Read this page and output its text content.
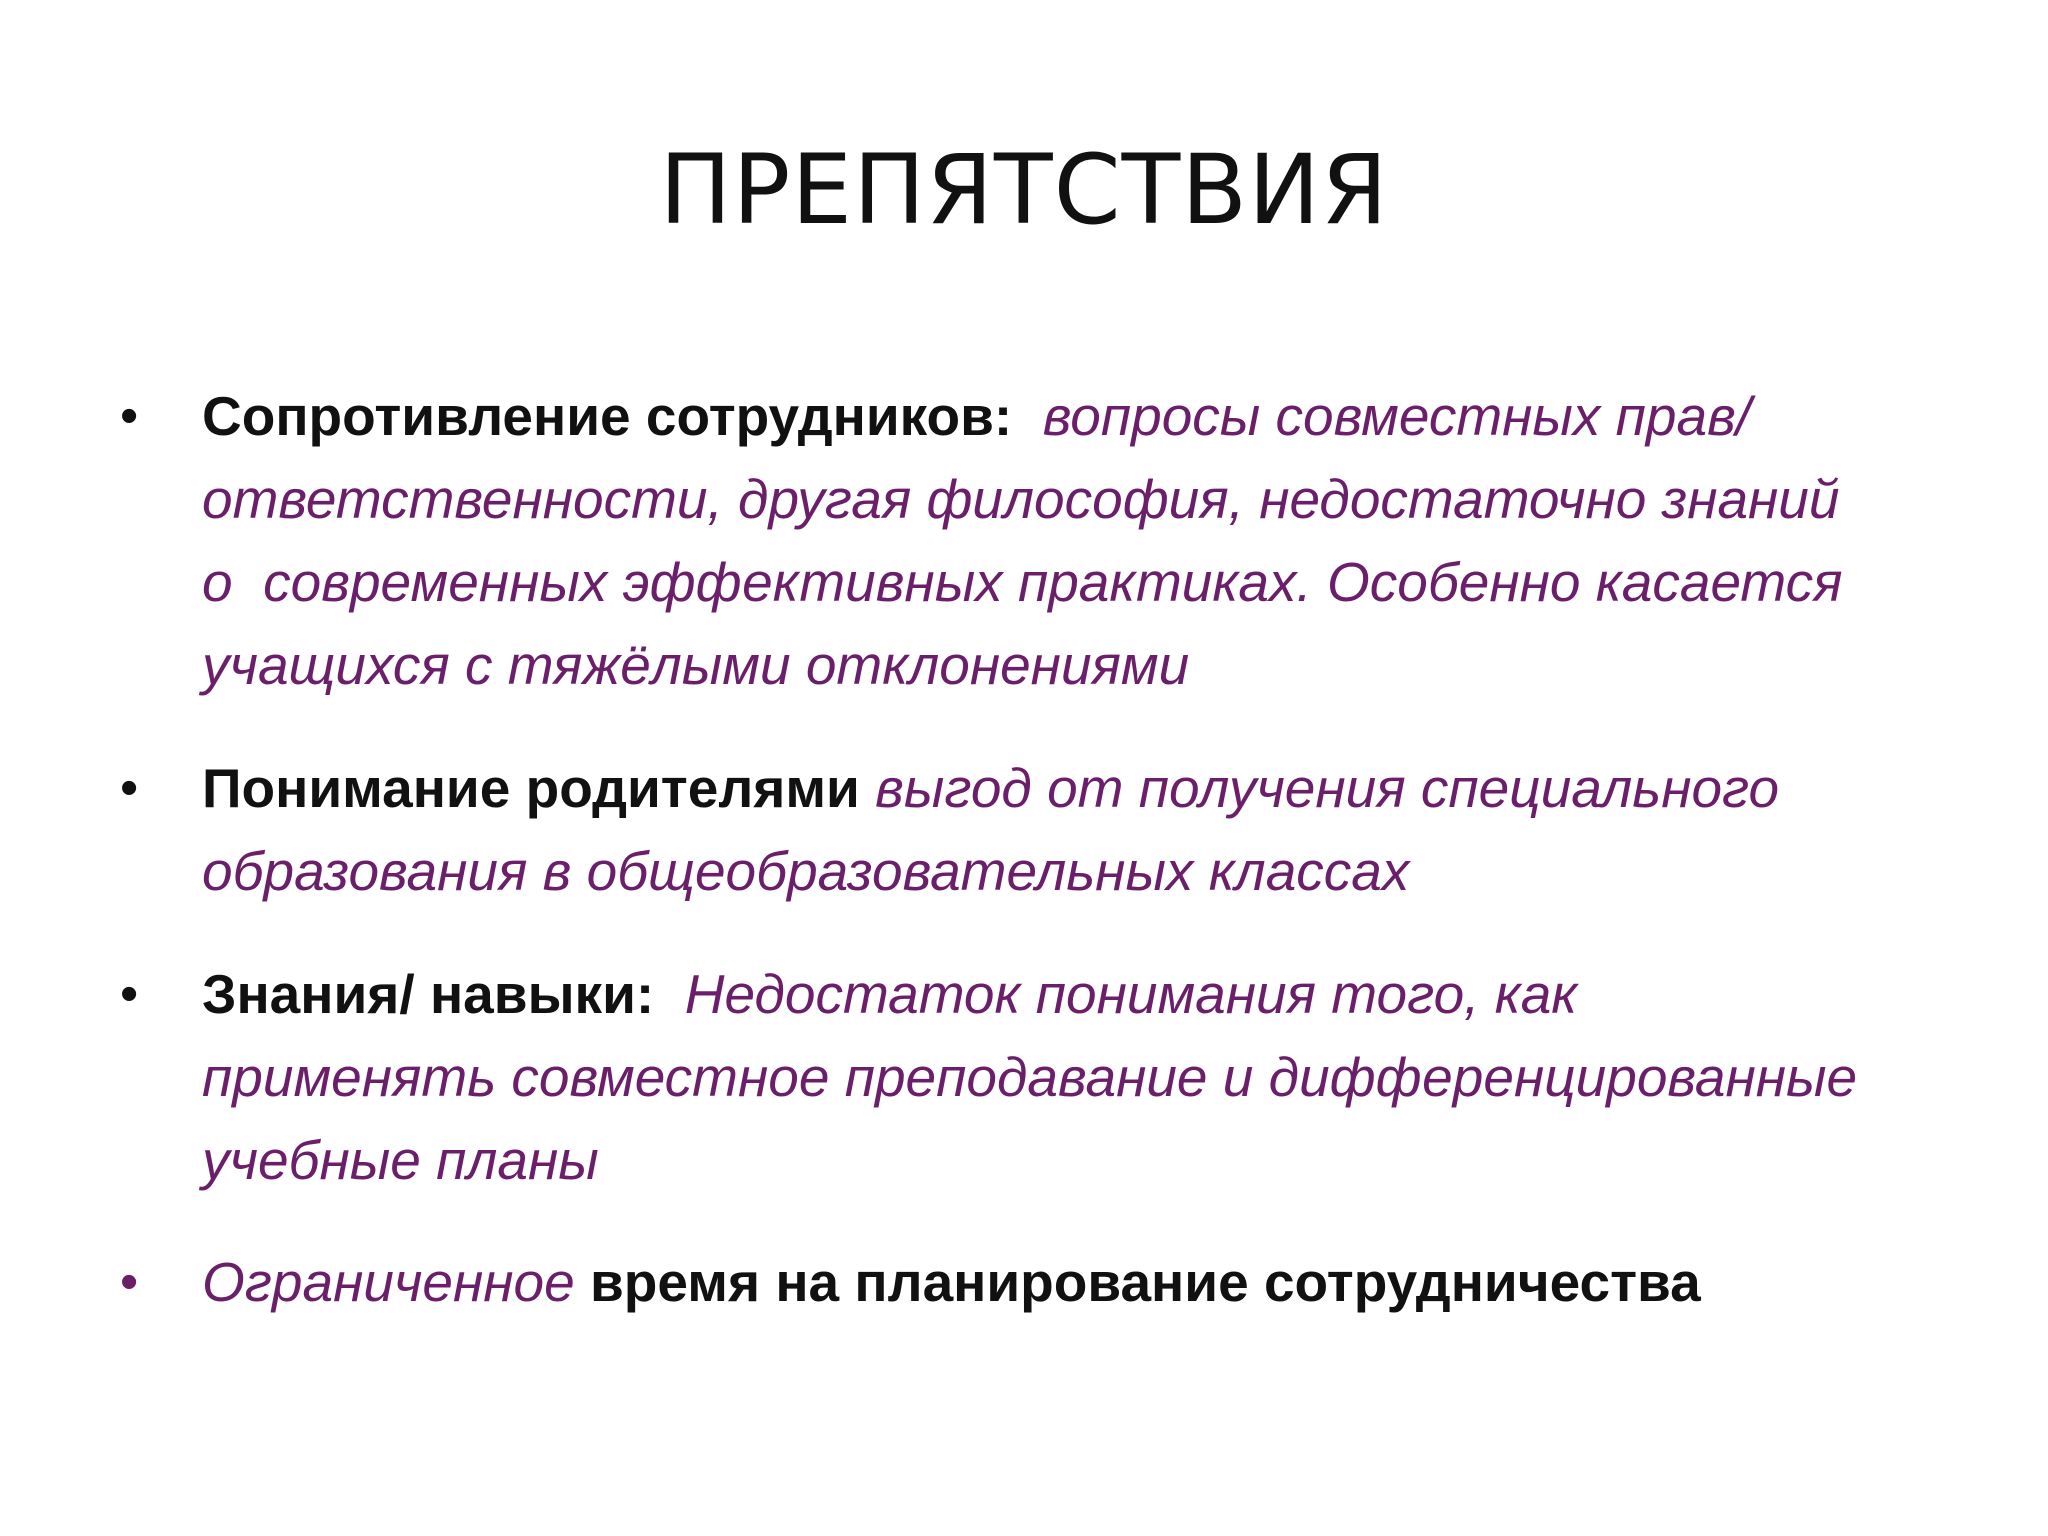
ПРЕПЯТСТВИЯ
• Сопротивление сотрудников: вопросы совместных прав/
ответственности, другая философия, недостаточно знаний
о  современных эффективных практиках. Особенно касается
учащихся с тяжёлыми отклонениями
• Понимание родителями выгод от получения специального
образования в общеобразовательных классах
• Знания/ навыки: Недостаток понимания того, как
применять совместное преподавание и дифференцированные
учебные планы
• Ограниченное время на планирование сотрудничества
